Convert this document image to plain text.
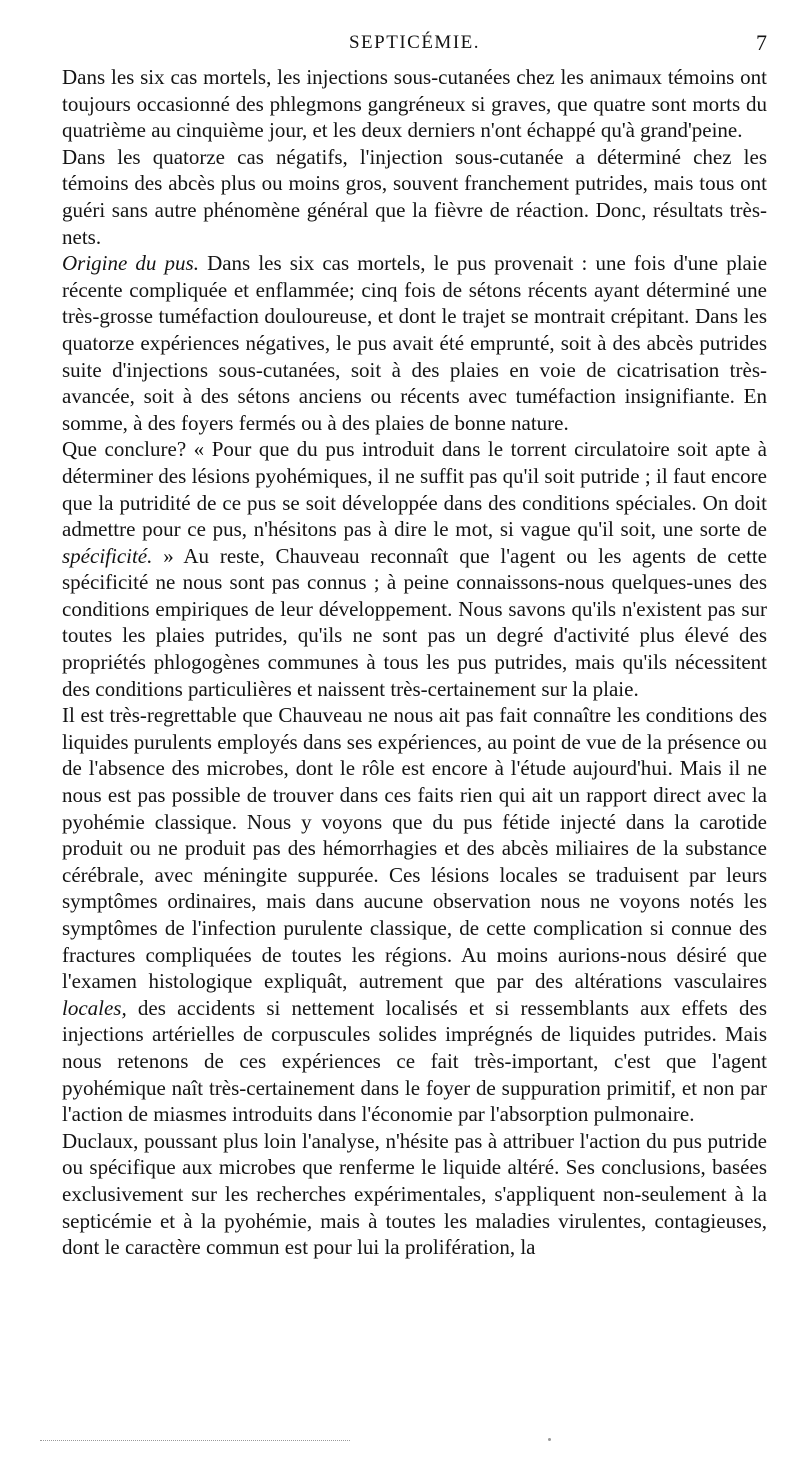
SEPTICÉMIE.	7

Dans les six cas mortels, les injections sous-cutanées chez les animaux témoins ont toujours occasionné des phlegmons gangréneux si graves, que quatre sont morts du quatrième au cinquième jour, et les deux derniers n'ont échappé qu'à grand'peine.

Dans les quatorze cas négatifs, l'injection sous-cutanée a déterminé chez les témoins des abcès plus ou moins gros, souvent franchement putrides, mais tous ont guéri sans autre phénomène général que la fièvre de réaction. Donc, résultats très-nets.

Origine du pus. Dans les six cas mortels, le pus provenait : une fois d'une plaie récente compliquée et enflammée; cinq fois de sétons récents ayant déterminé une très-grosse tuméfaction douloureuse, et dont le trajet se montrait crépitant. Dans les quatorze expériences négatives, le pus avait été emprunté, soit à des abcès putrides suite d'injections sous-cutanées, soit à des plaies en voie de cicatrisation très-avancée, soit à des sétons anciens ou récents avec tuméfaction insignifiante. En somme, à des foyers fermés ou à des plaies de bonne nature.

Que conclure? « Pour que du pus introduit dans le torrent circulatoire soit apte à déterminer des lésions pyohémiques, il ne suffit pas qu'il soit putride ; il faut encore que la putridité de ce pus se soit développée dans des conditions spéciales. On doit admettre pour ce pus, n'hésitons pas à dire le mot, si vague qu'il soit, une sorte de spécificité. » Au reste, Chauveau reconnaît que l'agent ou les agents de cette spécificité ne nous sont pas connus ; à peine connaissons-nous quelques-unes des conditions empiriques de leur développement. Nous savons qu'ils n'existent pas sur toutes les plaies putrides, qu'ils ne sont pas un degré d'activité plus élevé des propriétés phlogogènes communes à tous les pus putrides, mais qu'ils nécessitent des conditions particulières et naissent très-certainement sur la plaie.

Il est très-regrettable que Chauveau ne nous ait pas fait connaître les conditions des liquides purulents employés dans ses expériences, au point de vue de la présence ou de l'absence des microbes, dont le rôle est encore à l'étude aujourd'hui. Mais il ne nous est pas possible de trouver dans ces faits rien qui ait un rapport direct avec la pyohémie classique. Nous y voyons que du pus fétide injecté dans la carotide produit ou ne produit pas des hémorrhagies et des abcès miliaires de la substance cérébrale, avec méningite suppurée. Ces lésions locales se traduisent par leurs symptômes ordinaires, mais dans aucune observation nous ne voyons notés les symptômes de l'infection purulente classique, de cette complication si connue des fractures compliquées de toutes les régions. Au moins aurions-nous désiré que l'examen histologique expliquât, autrement que par des altérations vasculaires locales, des accidents si nettement localisés et si ressemblants aux effets des injections artérielles de corpuscules solides imprégnés de liquides putrides. Mais nous retenons de ces expériences ce fait très-important, c'est que l'agent pyohémique naît très-certainement dans le foyer de suppuration primitif, et non par l'action de miasmes introduits dans l'économie par l'absorption pulmonaire.

Duclaux, poussant plus loin l'analyse, n'hésite pas à attribuer l'action du pus putride ou spécifique aux microbes que renferme le liquide altéré. Ses conclusions, basées exclusivement sur les recherches expérimentales, s'appliquent non-seulement à la septicémie et à la pyohémie, mais à toutes les maladies virulentes, contagieuses, dont le caractère commun est pour lui la prolifération, la
